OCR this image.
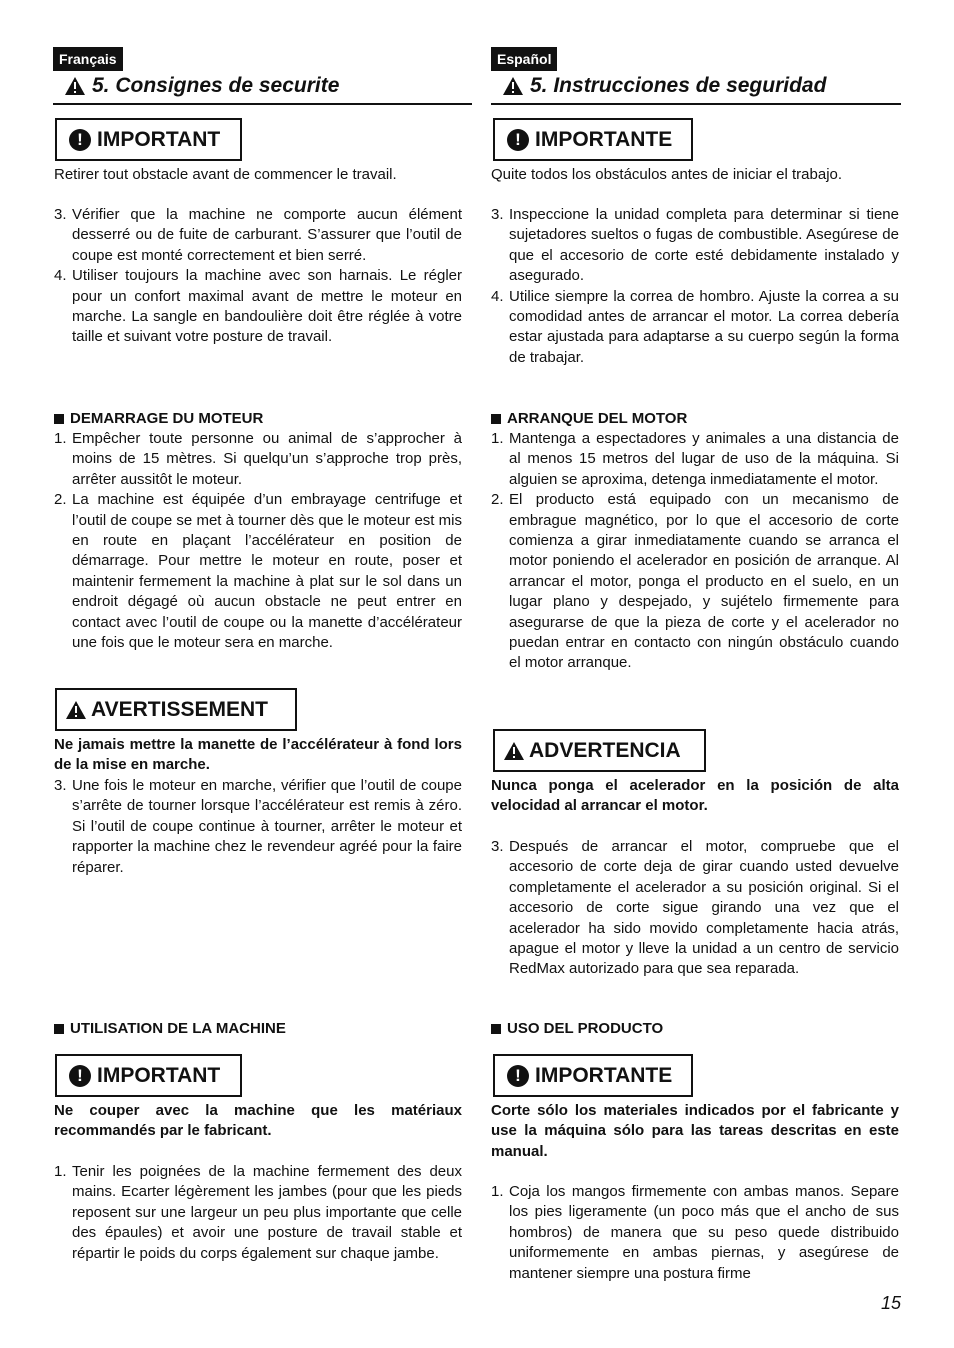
Français
5. Consignes de securite
! IMPORTANT
Retirer tout obstacle avant de commencer le travail.
3. Vérifier que la machine ne comporte aucun élément desserré ou de fuite de carburant. S’assurer que l’outil de coupe est monté correctement et bien serré.
4. Utiliser toujours la machine avec son harnais. Le régler pour un confort maximal avant de mettre le moteur en marche. La sangle en bandoulière doit être réglée à votre taille et suivant votre posture de travail.
DEMARRAGE DU MOTEUR
1. Empêcher toute personne ou animal de s’approcher à moins de 15 mètres. Si quelqu’un s’approche trop près, arrêter aussitôt le moteur.
2. La machine est équipée d’un embrayage centrifuge et l’outil de coupe se met à tourner dès que le moteur est mis en route en plaçant l’accélérateur en position de démarrage. Pour mettre le moteur en route, poser et maintenir fermement la machine à plat sur le sol dans un endroit dégagé où aucun obstacle ne peut entrer en contact avec l’outil de coupe ou la manette d’accélérateur une fois que le moteur sera en marche.
AVERTISSEMENT
Ne jamais mettre la manette de l’accélérateur à fond lors de la mise en marche.
3. Une fois le moteur en marche, vérifier que l’outil de coupe s’arrête de tourner lorsque l’accélérateur est remis à zéro. Si l’outil de coupe continue à tourner, arrêter le moteur et rapporter la machine chez le revendeur agréé pour la faire réparer.
UTILISATION DE LA MACHINE
! IMPORTANT
Ne couper avec la machine que les matériaux recommandés par le fabricant.
1. Tenir les poignées de la machine fermement des deux mains. Ecarter légèrement les jambes (pour que les pieds reposent sur une largeur un peu plus importante que celle des épaules) et avoir une posture de travail stable et répartir le poids du corps également sur chaque jambe.
Español
5. Instrucciones de seguridad
! IMPORTANTE
Quite todos los obstáculos antes de iniciar el trabajo.
3. Inspeccione la unidad completa para determinar si tiene sujetadores sueltos o fugas de combustible. Asegúrese de que el accesorio de corte esté debidamente instalado y asegurado.
4. Utilice siempre la correa de hombro. Ajuste la correa a su comodidad antes de arrancar el motor. La correa debería estar ajustada para adaptarse a su cuerpo según la forma de trabajar.
ARRANQUE DEL MOTOR
1. Mantenga a espectadores y animales a una distancia de al menos 15 metros del lugar de uso de la máquina. Si alguien se aproxima, detenga inmediatamente el motor.
2. El producto está equipado con un mecanismo de embrague magnético, por lo que el accesorio de corte comienza a girar inmediatamente cuando se arranca el motor poniendo el acelerador en posición de arranque. Al arrancar el motor, ponga el producto en el suelo, en un lugar plano y despejado, y sujételo firmemente para asegurarse de que la pieza de corte y el acelerador no puedan entrar en contacto con ningún obstáculo cuando el motor arranque.
ADVERTENCIA
Nunca ponga el acelerador en la posición de alta velocidad al arrancar el motor.
3. Después de arrancar el motor, compruebe que el accesorio de corte deja de girar cuando usted devuelve completamente el acelerador a su posición original. Si el accesorio de corte sigue girando una vez que el acelerador ha sido movido completamente hacia atrás, apague el motor y lleve la unidad a un centro de servicio RedMax autorizado para que sea reparada.
USO DEL PRODUCTO
! IMPORTANTE
Corte sólo los materiales indicados por el fabricante y use la máquina sólo para las tareas descritas en este manual.
1. Coja los mangos firmemente con ambas manos. Separe los pies ligeramente (un poco más que el ancho de sus hombros) de manera que su peso quede distribuido uniformemente en ambas piernas, y asegúrese de mantener siempre una postura firme
15
